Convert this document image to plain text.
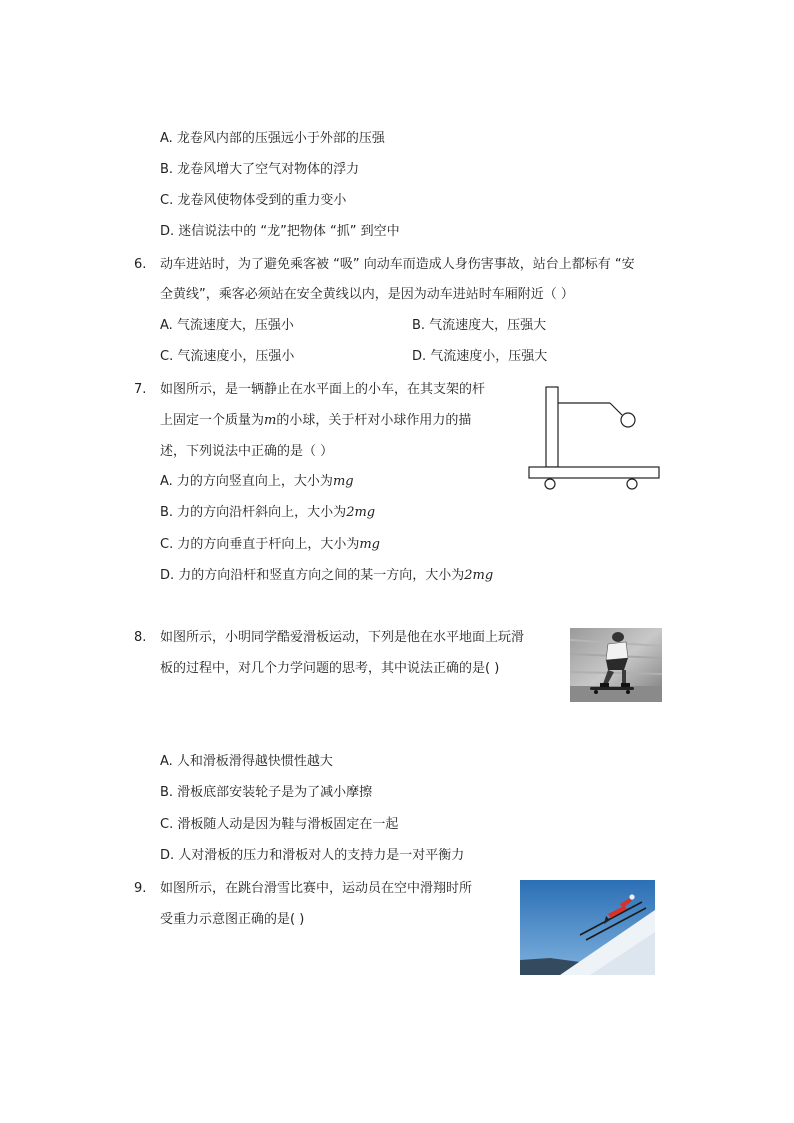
A. 龙卷风内部的压强远小于外部的压强
B. 龙卷风增大了空气对物体的浮力
C. 龙卷风使物体受到的重力变小
D. 迷信说法中的 “龙”把物体 “抓” 到空中
6. 动车进站时，为了避免乘客被 “吸” 向动车而造成人身伤害事故，站台上都标有 “安
全黄线”，乘客必须站在安全黄线以内，是因为动车进站时车厢附近（ ）
A. 气流速度大，压强小	B. 气流速度大，压强大
C. 气流速度小，压强小	D. 气流速度小，压强大
7. 如图所示，是一辆静止在水平面上的小车，在其支架的杆
上固定一个质量为m的小球，关于杆对小球作用力的描
述，下列说法中正确的是（ ）
A. 力的方向竖直向上，大小为mg
B. 力的方向沿杆斜向上，大小为2mg
C. 力的方向垂直于杆向上，大小为mg
D. 力的方向沿杆和竖直方向之间的某一方向，大小为2mg
8. 如图所示，小明同学酷爱滑板运动，下列是他在水平地面上玩滑
板的过程中，对几个力学问题的思考，其中说法正确的是( )
A. 人和滑板滑得越快惯性越大
B. 滑板底部安装轮子是为了减小摩擦
C. 滑板随人动是因为鞋与滑板固定在一起
D. 人对滑板的压力和滑板对人的支持力是一对平衡力
9. 如图所示，在跳台滑雪比赛中，运动员在空中滑翔时所
受重力示意图正确的是( )
